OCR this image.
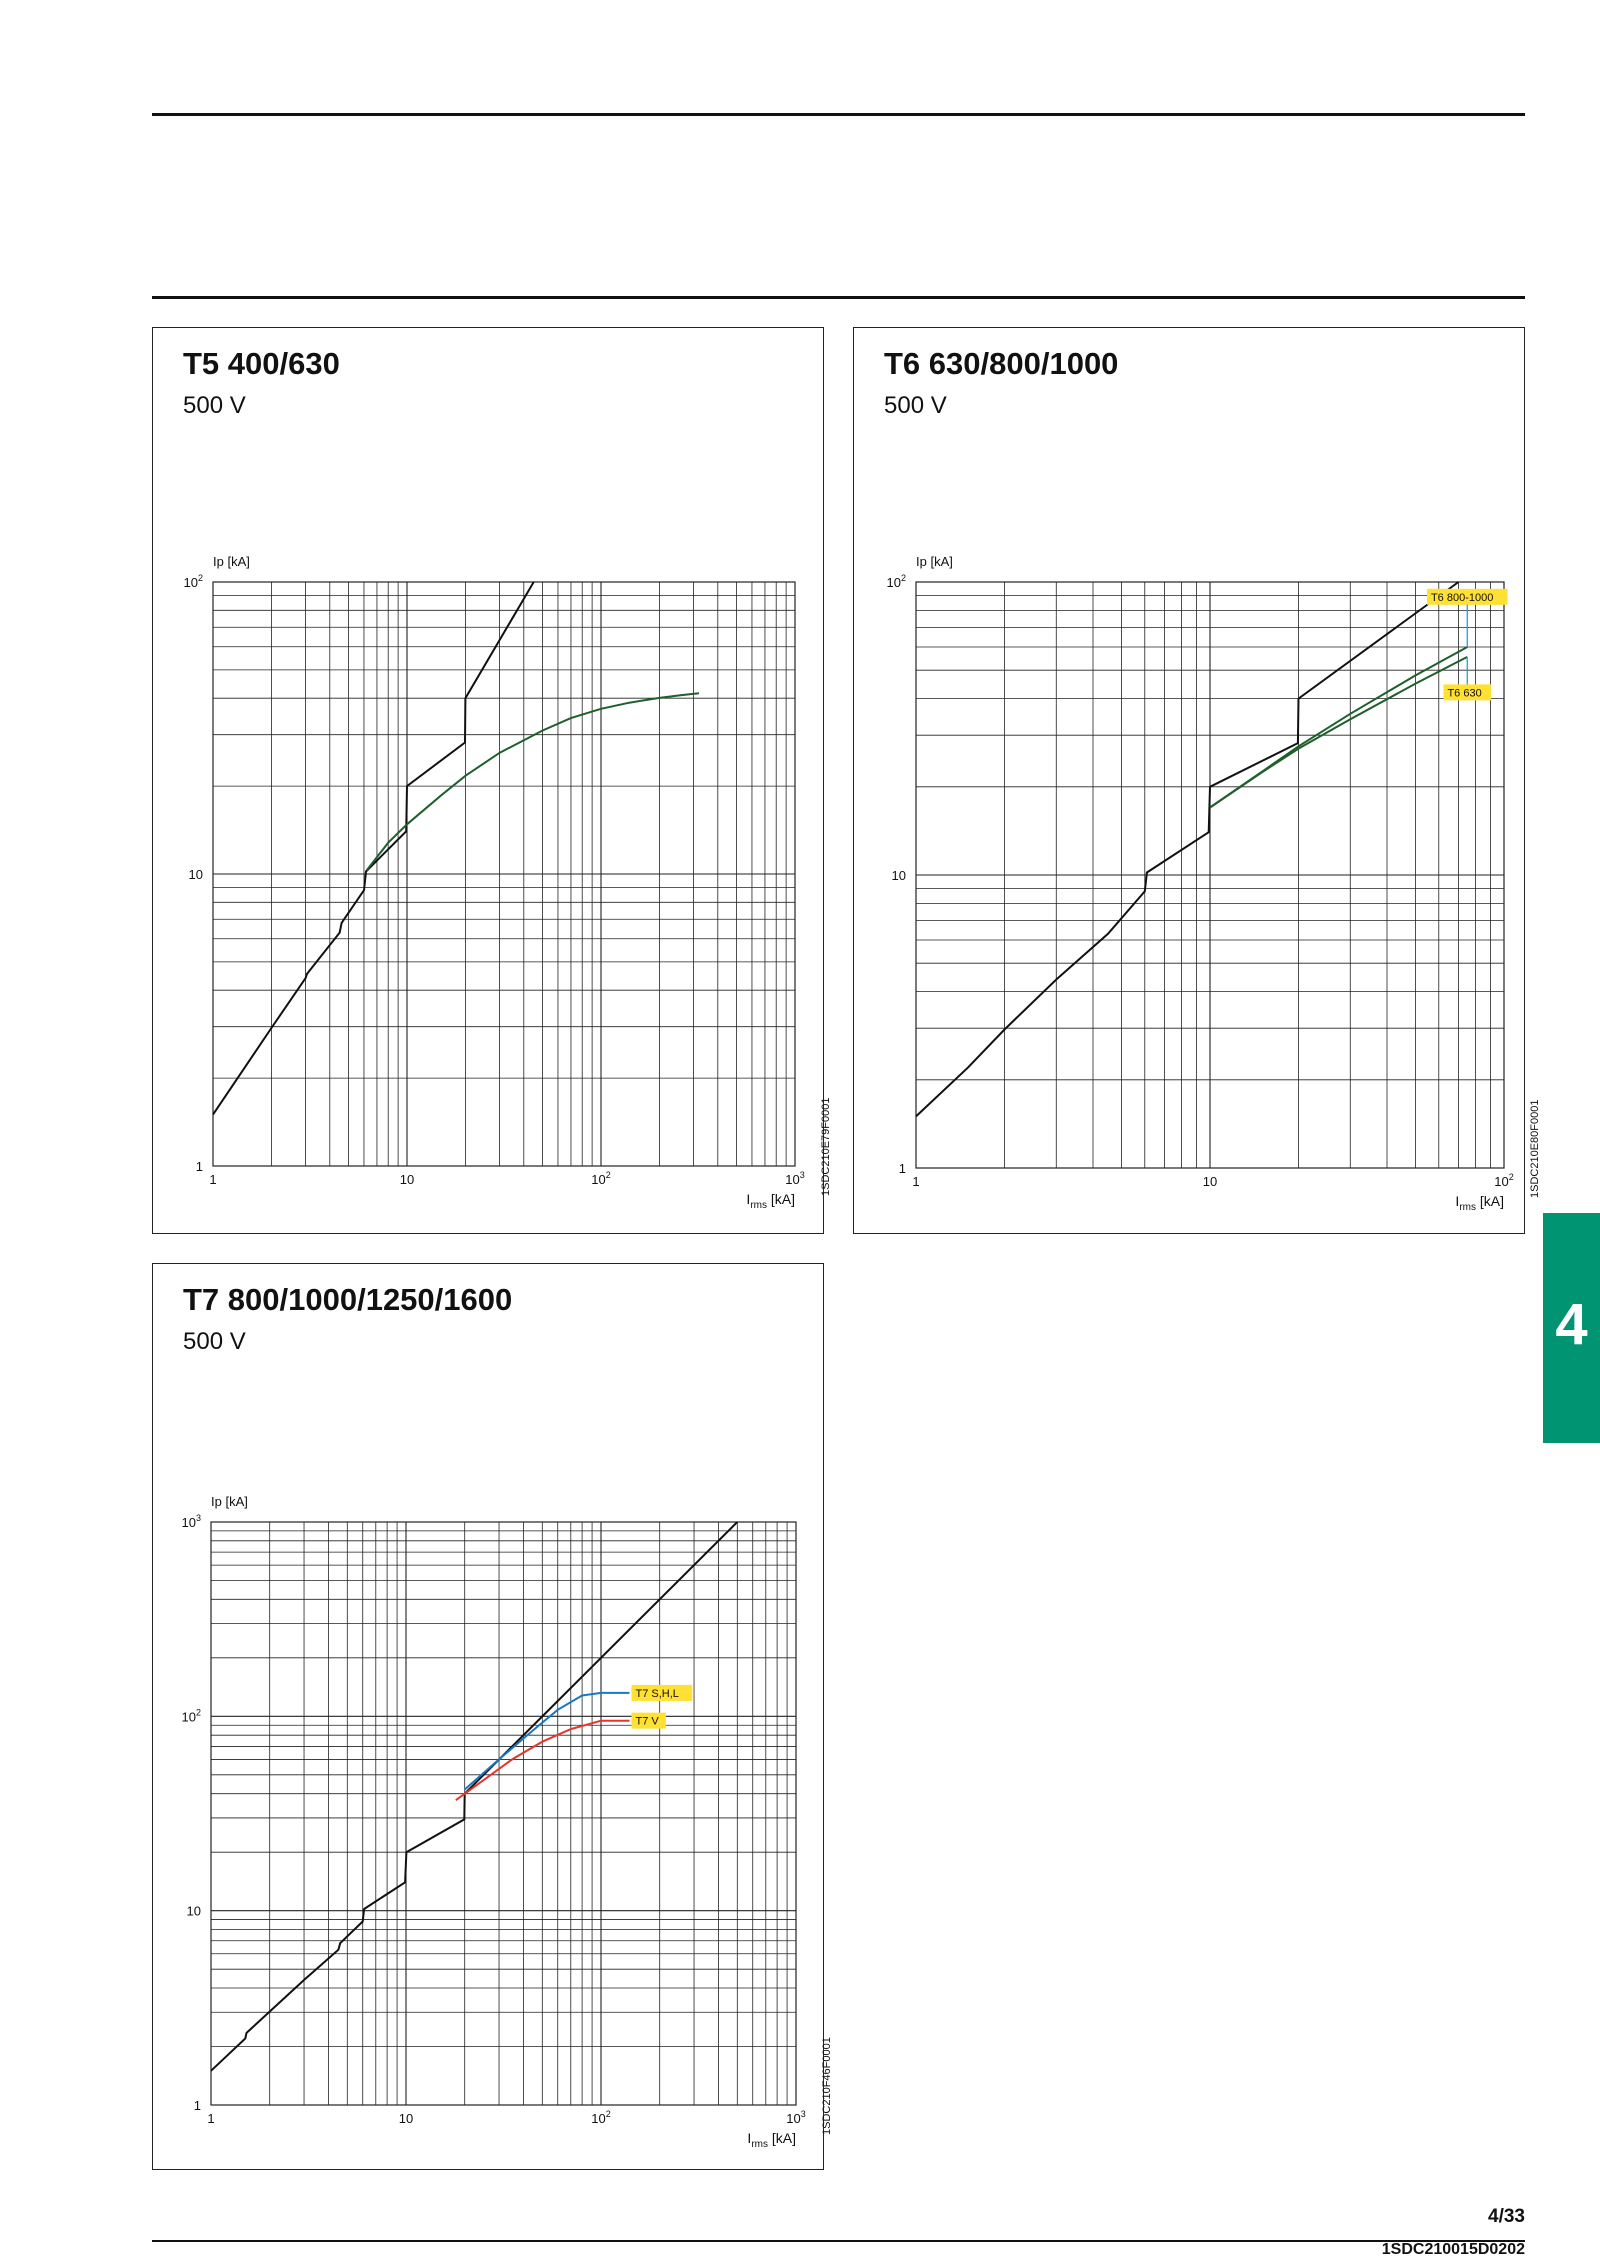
T5 400/630
500 V
1	10	$10^2$	$10^3$
1
10
$10^2$
Ip [kA]
$I_{rms}$ [kA]
1SDC210E79F0001
T6 630/800/1000
500 V
1	10	$10^2$
1
10
$10^2$
Ip [kA]
$I_{rms}$ [kA]
1SDC210E80F0001
T6 800-1000
T6 630
T7 800/1000/1250/1600
500 V
1	10	$10^2$	$10^3$
1
10
$10^2$
$10^3$
Ip [kA]
$I_{rms}$ [kA]
1SDC210F46F0001
T7 S,H,L
T7 V
4
4/33
1SDC210015D0202
